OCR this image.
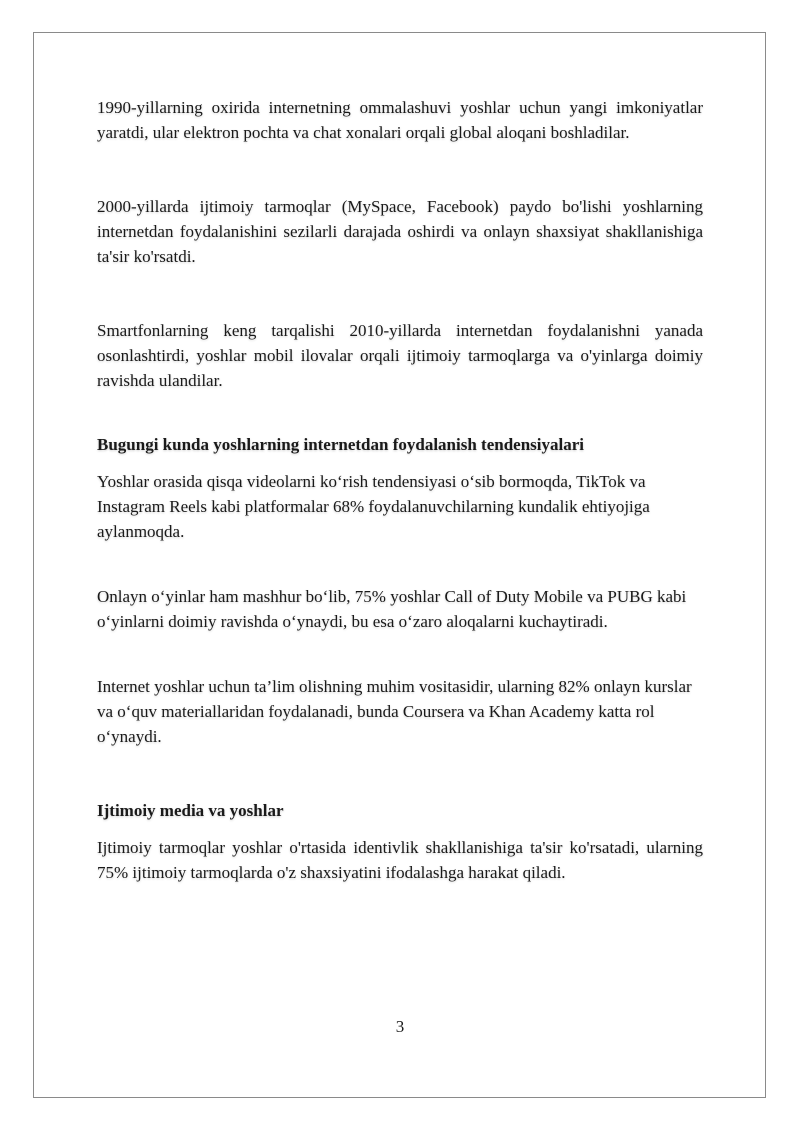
1990-yillarning oxirida internetning ommalashuvi yoshlar uchun yangi imkoniyatlar yaratdi, ular elektron pochta va chat xonalari orqali global aloqani boshladilar.

2000-yillarda ijtimoiy tarmoqlar (MySpace, Facebook) paydo bo'lishi yoshlarning internetdan foydalanishini sezilarli darajada oshirdi va onlayn shaxsiyat shakllanishiga ta'sir ko'rsatdi.

Smartfonlarning keng tarqalishi 2010-yillarda internetdan foydalanishni yanada osonlashtirdi, yoshlar mobil ilovalar orqali ijtimoiy tarmoqlarga va o'yinlarga doimiy ravishda ulandilar.

Bugungi kunda yoshlarning internetdan foydalanish tendensiyalari

Yoshlar orasida qisqa videolarni ko‘rish tendensiyasi o‘sib bormoqda, TikTok va Instagram Reels kabi platformalar 68% foydalanuvchilarning kundalik ehtiyojiga aylanmoqda.

Onlayn o‘yinlar ham mashhur bo‘lib, 75% yoshlar Call of Duty Mobile va PUBG kabi o‘yinlarni doimiy ravishda o‘ynaydi, bu esa o‘zaro aloqalarni kuchaytiradi.

Internet yoshlar uchun ta’lim olishning muhim vositasidir, ularning 82% onlayn kurslar va o‘quv materiallaridan foydalanadi, bunda Coursera va Khan Academy katta rol o‘ynaydi.

Ijtimoiy media va yoshlar

Ijtimoiy tarmoqlar yoshlar o'rtasida identivlik shakllanishiga ta'sir ko'rsatadi, ularning 75% ijtimoiy tarmoqlarda o'z shaxsiyatini ifodalashga harakat qiladi.

3
